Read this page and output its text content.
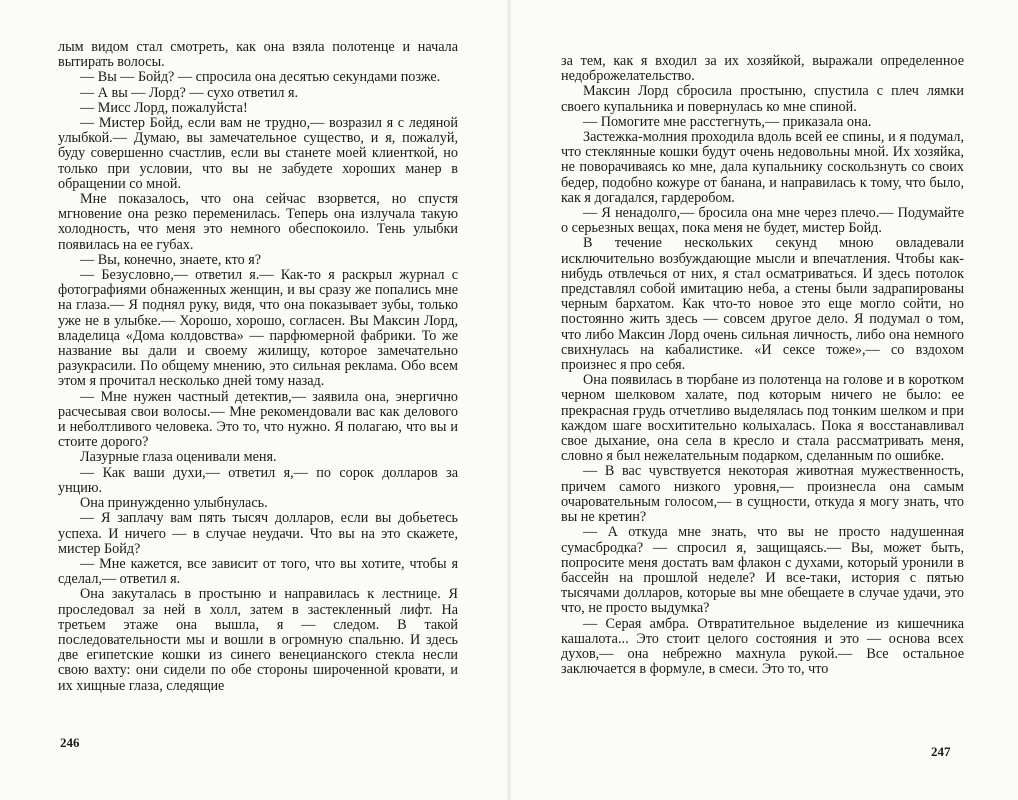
лым видом стал смотреть, как она взяла полотенце и начала вытирать волосы.

— Вы — Бойд? — спросила она десятью секундами позже.

— А вы — Лорд? — сухо ответил я.

— Мисс Лорд, пожалуйста!

— Мистер Бойд, если вам не трудно,— возразил я с ледяной улыбкой.— Думаю, вы замечательное существо, и я, пожалуй, буду совершенно счастлив, если вы станете моей клиенткой, но только при условии, что вы не забудете хороших манер в обращении со мной.

Мне показалось, что она сейчас взорвется, но спустя мгновение она резко переменилась. Теперь она излучала такую холодность, что меня это немного обеспокоило. Тень улыбки появилась на ее губах.

— Вы, конечно, знаете, кто я?

— Безусловно,— ответил я.— Как-то я раскрыл журнал с фотографиями обнаженных женщин, и вы сразу же попались мне на глаза.— Я поднял руку, видя, что она показывает зубы, только уже не в улыбке.— Хорошо, хорошо, согласен. Вы Максин Лорд, владелица «Дома колдовства» — парфюмерной фабрики. То же название вы дали и своему жилищу, которое замечательно разукрасили. По общему мнению, это сильная реклама. Обо всем этом я прочитал несколько дней тому назад.

— Мне нужен частный детектив,— заявила она, энергично расчесывая свои волосы.— Мне рекомендовали вас как делового и неболтливого человека. Это то, что нужно. Я полагаю, что вы и стоите дорого?

Лазурные глаза оценивали меня.

— Как ваши духи,— ответил я,— по сорок долларов за унцию.

Она принужденно улыбнулась.

— Я заплачу вам пять тысяч долларов, если вы добьетесь успеха. И ничего — в случае неудачи. Что вы на это скажете, мистер Бойд?

— Мне кажется, все зависит от того, что вы хотите, чтобы я сделал,— ответил я.

Она закуталась в простыню и направилась к лестнице. Я проследовал за ней в холл, затем в застекленный лифт. На третьем этаже она вышла, я — следом. В такой последовательности мы и вошли в огромную спальню. И здесь две египетские кошки из синего венецианского стекла несли свою вахту: они сидели по обе стороны широченной кровати, и их хищные глаза, следящие

246

за тем, как я входил за их хозяйкой, выражали определенное недоброжелательство.

Максин Лорд сбросила простыню, спустила с плеч лямки своего купальника и повернулась ко мне спиной.

— Помогите мне расстегнуть,— приказала она.

Застежка-молния проходила вдоль всей ее спины, и я подумал, что стеклянные кошки будут очень недовольны мной. Их хозяйка, не поворачиваясь ко мне, дала купальнику соскользнуть со своих бедер, подобно кожуре от банана, и направилась к тому, что было, как я догадался, гардеробом.

— Я ненадолго,— бросила она мне через плечо.— Подумайте о серьезных вещах, пока меня не будет, мистер Бойд.

В течение нескольких секунд мною овладевали исключительно возбуждающие мысли и впечатления. Чтобы как-нибудь отвлечься от них, я стал осматриваться. И здесь потолок представлял собой имитацию неба, а стены были задрапированы черным бархатом. Как что-то новое это еще могло сойти, но постоянно жить здесь — совсем другое дело. Я подумал о том, что либо Максин Лорд очень сильная личность, либо она немного свихнулась на кабалистике. «И сексе тоже»,— со вздохом произнес я про себя.

Она появилась в тюрбане из полотенца на голове и в коротком черном шелковом халате, под которым ничего не было: ее прекрасная грудь отчетливо выделялась под тонким шелком и при каждом шаге восхитительно колыхалась. Пока я восстанавливал свое дыхание, она села в кресло и стала рассматривать меня, словно я был нежелательным подарком, сделанным по ошибке.

— В вас чувствуется некоторая животная мужественность, причем самого низкого уровня,— произнесла она самым очаровательным голосом,— в сущности, откуда я могу знать, что вы не кретин?

— А откуда мне знать, что вы не просто надушенная сумасбродка? — спросил я, защищаясь.— Вы, может быть, попросите меня достать вам флакон с духами, который уронили в бассейн на прошлой неделе? И все-таки, история с пятью тысячами долларов, которые вы мне обещаете в случае удачи, это что, не просто выдумка?

— Серая амбра. Отвратительное выделение из кишечника кашалота... Это стоит целого состояния и это — основа всех духов,— она небрежно махнула рукой.— Все остальное заключается в формуле, в смеси. Это то, что

247
